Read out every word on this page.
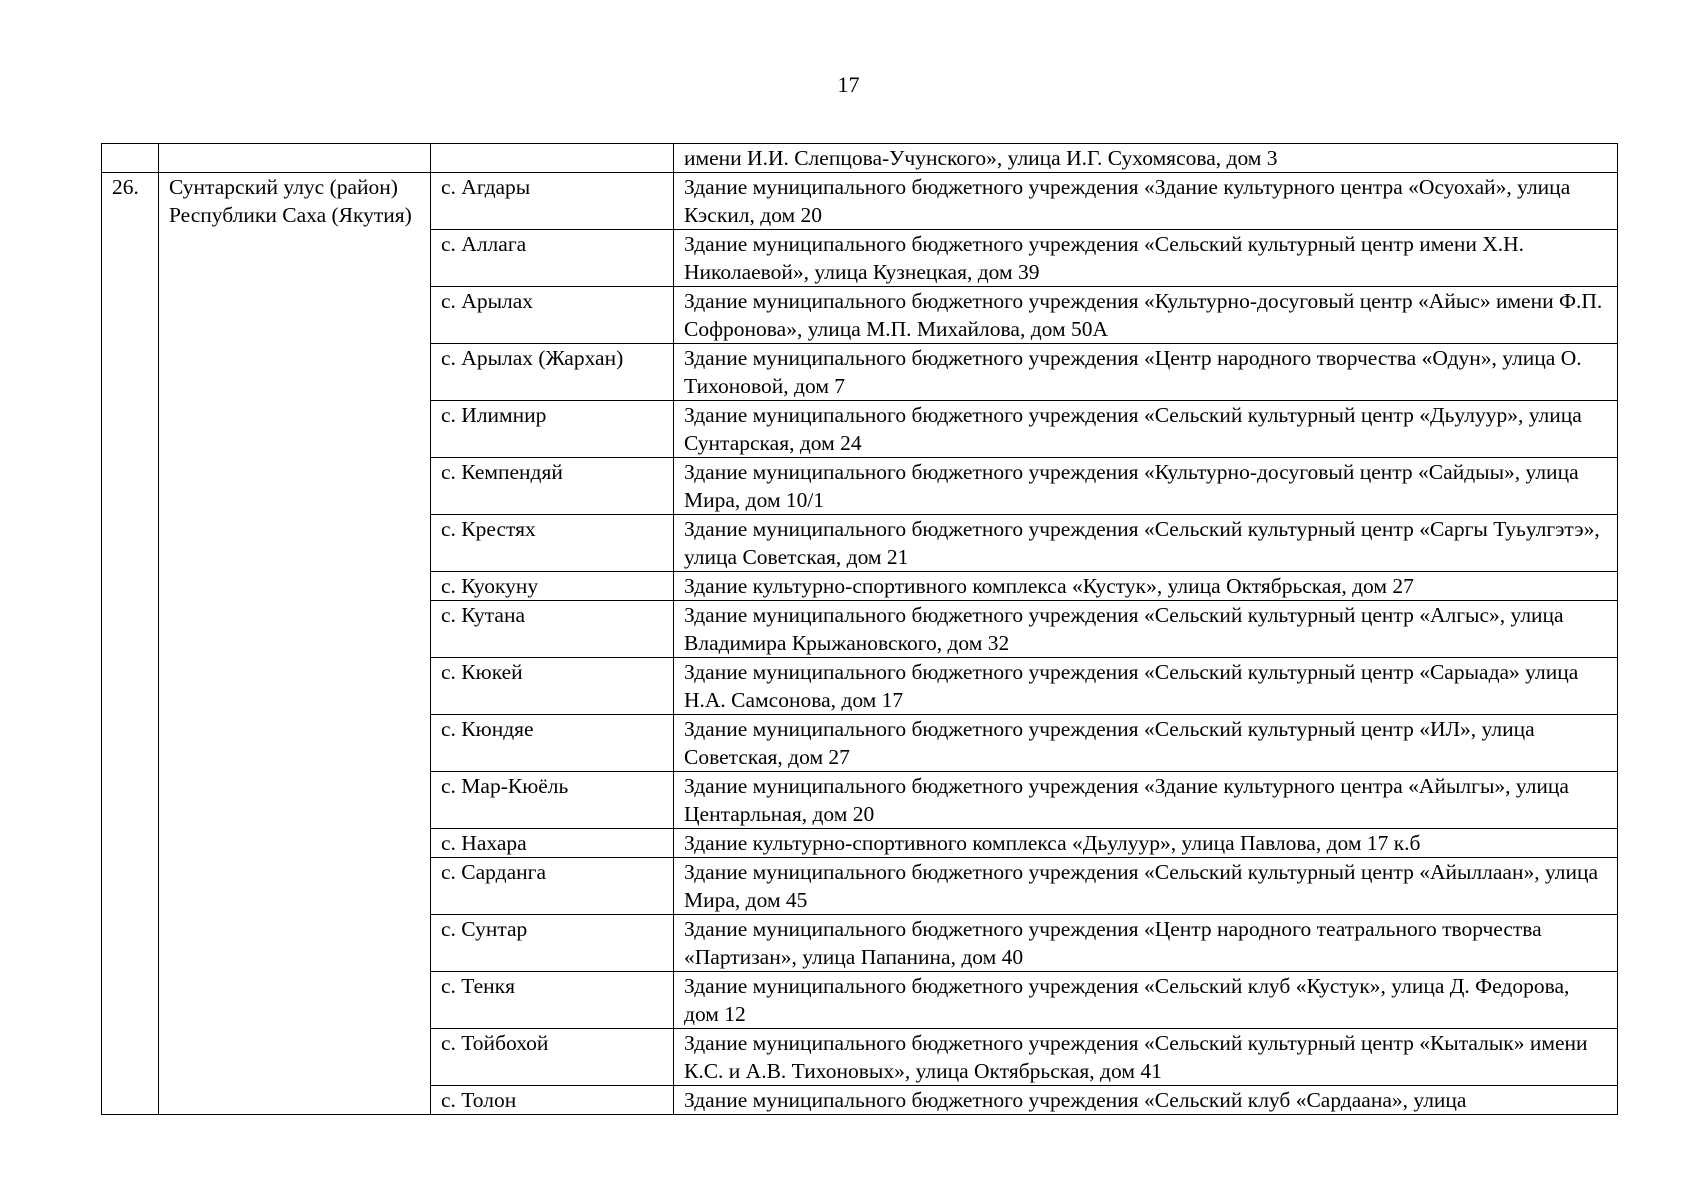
17
			имени И.И. Слепцова-Учунского», улица И.Г. Сухомясова, дом 3
26.	Сунтарский улус (район) Республики Саха (Якутия)	с. Агдары	Здание муниципального бюджетного учреждения «Здание культурного центра «Осуохай», улица Кэскил, дом 20
		с. Аллага	Здание муниципального бюджетного учреждения «Сельский культурный центр имени Х.Н. Николаевой», улица Кузнецкая, дом 39
		с. Арылах	Здание муниципального бюджетного учреждения «Культурно-досуговый центр «Айыс» имени Ф.П. Софронова», улица М.П. Михайлова, дом 50А
		с. Арылах (Жархан)	Здание муниципального бюджетного учреждения «Центр народного творчества «Одун», улица О. Тихоновой, дом 7
		с. Илимнир	Здание муниципального бюджетного учреждения «Сельский культурный центр «Дьулуур», улица Сунтарская, дом 24
		с. Кемпендяй	Здание муниципального бюджетного учреждения «Культурно-досуговый центр «Сайдыы», улица Мира, дом 10/1
		с. Крестях	Здание муниципального бюджетного учреждения «Сельский культурный центр «Саргы Туьулгэтэ», улица Советская, дом 21
		с. Куокуну	Здание культурно-спортивного комплекса «Кустук», улица Октябрьская, дом 27
		с. Кутана	Здание муниципального бюджетного учреждения «Сельский культурный центр «Алгыс», улица Владимира Крыжановского, дом 32
		с. Кюкей	Здание муниципального бюджетного учреждения «Сельский культурный центр «Сарыада» улица Н.А. Самсонова, дом 17
		с. Кюндяе	Здание муниципального бюджетного учреждения «Сельский культурный центр «ИЛ», улица Советская, дом 27
		с. Мар-Кюёль	Здание муниципального бюджетного учреждения «Здание культурного центра «Айылгы», улица Центарльная, дом 20
		с. Нахара	Здание культурно-спортивного комплекса «Дьулуур», улица Павлова, дом 17 к.б
		с. Сарданга	Здание муниципального бюджетного учреждения «Сельский культурный центр «Айыллаан», улица Мира, дом 45
		с. Сунтар	Здание муниципального бюджетного учреждения «Центр народного театрального творчества «Партизан», улица Папанина, дом 40
		с. Тенкя	Здание муниципального бюджетного учреждения «Сельский клуб «Кустук», улица Д. Федорова, дом 12
		с. Тойбохой	Здание муниципального бюджетного учреждения «Сельский культурный центр «Кыталык» имени К.С. и А.В. Тихоновых», улица Октябрьская, дом 41
		с. Толон	Здание муниципального бюджетного учреждения «Сельский клуб «Сардаана», улица
